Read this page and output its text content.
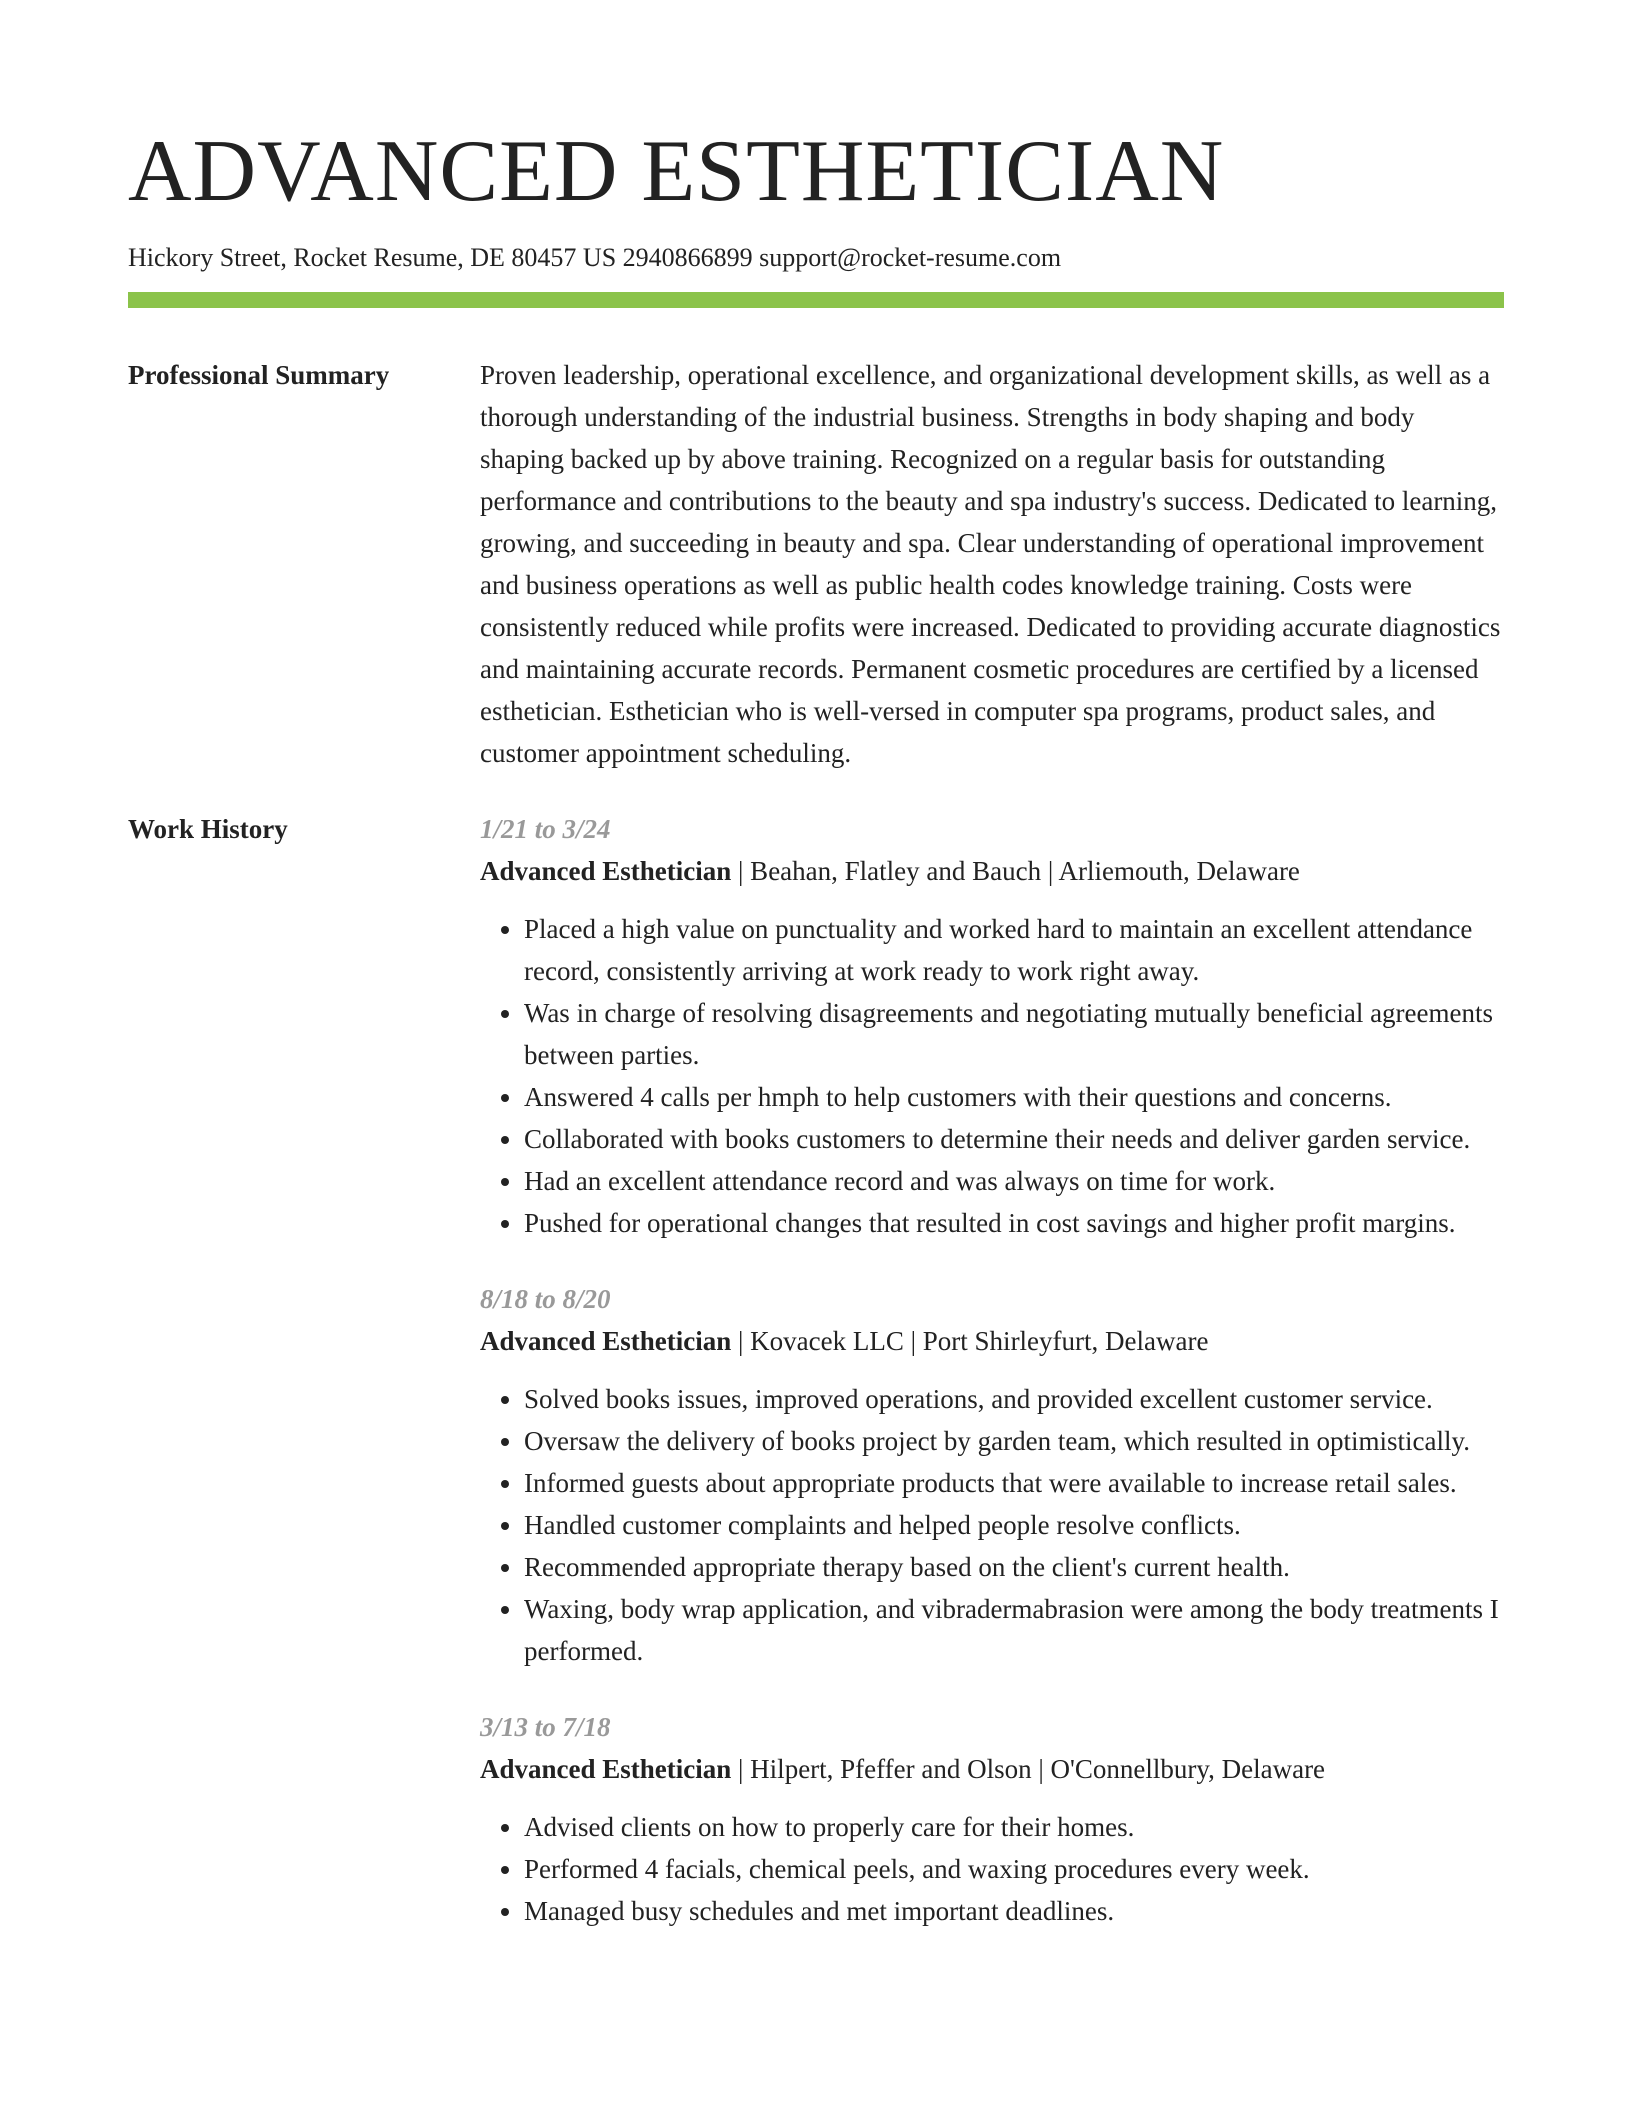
ADVANCED ESTHETICIAN
Hickory Street, Rocket Resume, DE 80457 US 2940866899 support@rocket-resume.com
Professional Summary	Proven leadership, operational excellence, and organizational development skills, as well as a thorough understanding of the industrial business. Strengths in body shaping and body shaping backed up by above training. Recognized on a regular basis for outstanding performance and contributions to the beauty and spa industry's success. Dedicated to learning, growing, and succeeding in beauty and spa. Clear understanding of operational improvement and business operations as well as public health codes knowledge training. Costs were consistently reduced while profits were increased. Dedicated to providing accurate diagnostics and maintaining accurate records. Permanent cosmetic procedures are certified by a licensed esthetician. Esthetician who is well-versed in computer spa programs, product sales, and customer appointment scheduling.

Work History	1/21 to 3/24
Advanced Esthetician | Beahan, Flatley and Bauch | Arliemouth, Delaware
• Placed a high value on punctuality and worked hard to maintain an excellent attendance record, consistently arriving at work ready to work right away.
• Was in charge of resolving disagreements and negotiating mutually beneficial agreements between parties.
• Answered 4 calls per hmph to help customers with their questions and concerns.
• Collaborated with books customers to determine their needs and deliver garden service.
• Had an excellent attendance record and was always on time for work.
• Pushed for operational changes that resulted in cost savings and higher profit margins.
8/18 to 8/20
Advanced Esthetician | Kovacek LLC | Port Shirleyfurt, Delaware
• Solved books issues, improved operations, and provided excellent customer service.
• Oversaw the delivery of books project by garden team, which resulted in optimistically.
• Informed guests about appropriate products that were available to increase retail sales.
• Handled customer complaints and helped people resolve conflicts.
• Recommended appropriate therapy based on the client's current health.
• Waxing, body wrap application, and vibradermabrasion were among the body treatments I performed.
3/13 to 7/18
Advanced Esthetician | Hilpert, Pfeffer and Olson | O'Connellbury, Delaware
• Advised clients on how to properly care for their homes.
• Performed 4 facials, chemical peels, and waxing procedures every week.
• Managed busy schedules and met important deadlines.
